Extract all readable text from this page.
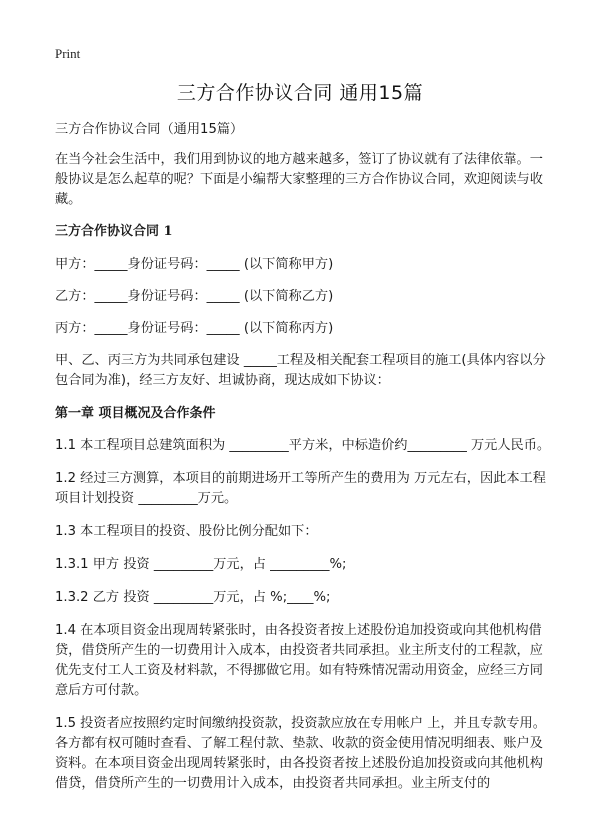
Print
三方合作协议合同 通用15篇

三方合作协议合同（通用15篇）

在当今社会生活中，我们用到协议的地方越来越多，签订了协议就有了法律依靠。一般协议是怎么起草的呢？下面是小编帮大家整理的三方合作协议合同，欢迎阅读与收藏。

三方合作协议合同 1

甲方：_____身份证号码：_____ (以下简称甲方)

乙方：_____身份证号码：_____ (以下简称乙方)

丙方：_____身份证号码：_____ (以下简称丙方)

甲、乙、丙三方为共同承包建设 _____工程及相关配套工程项目的施工(具体内容以分包合同为准)，经三方友好、坦诚协商，现达成如下协议：

第一章 项目概况及合作条件

1.1 本工程项目总建筑面积为 _________平方米，中标造价约_________ 万元人民币。

1.2 经过三方测算，本项目的前期进场开工等所产生的费用为 万元左右，因此本工程项目计划投资 _________万元。

1.3 本工程项目的投资、股份比例分配如下：

1.3.1 甲方 投资 _________万元，占 _________%;

1.3.2 乙方 投资 _________万元，占 %;____%;

1.4 在本项目资金出现周转紧张时，由各投资者按上述股份追加投资或向其他机构借贷，借贷所产生的一切费用计入成本，由投资者共同承担。业主所支付的工程款，应优先支付工人工资及材料款，不得挪做它用。如有特殊情况需动用资金，应经三方同意后方可付款。

1.5 投资者应按照约定时间缴纳投资款，投资款应放在专用帐户 上，并且专款专用。各方都有权可随时查看、了解工程付款、垫款、收款的资金使用情况明细表、账户及资料。在本项目资金出现周转紧张时，由各投资者按上述股份追加投资或向其他机构借贷，借贷所产生的一切费用计入成本，由投资者共同承担。业主所支付的
